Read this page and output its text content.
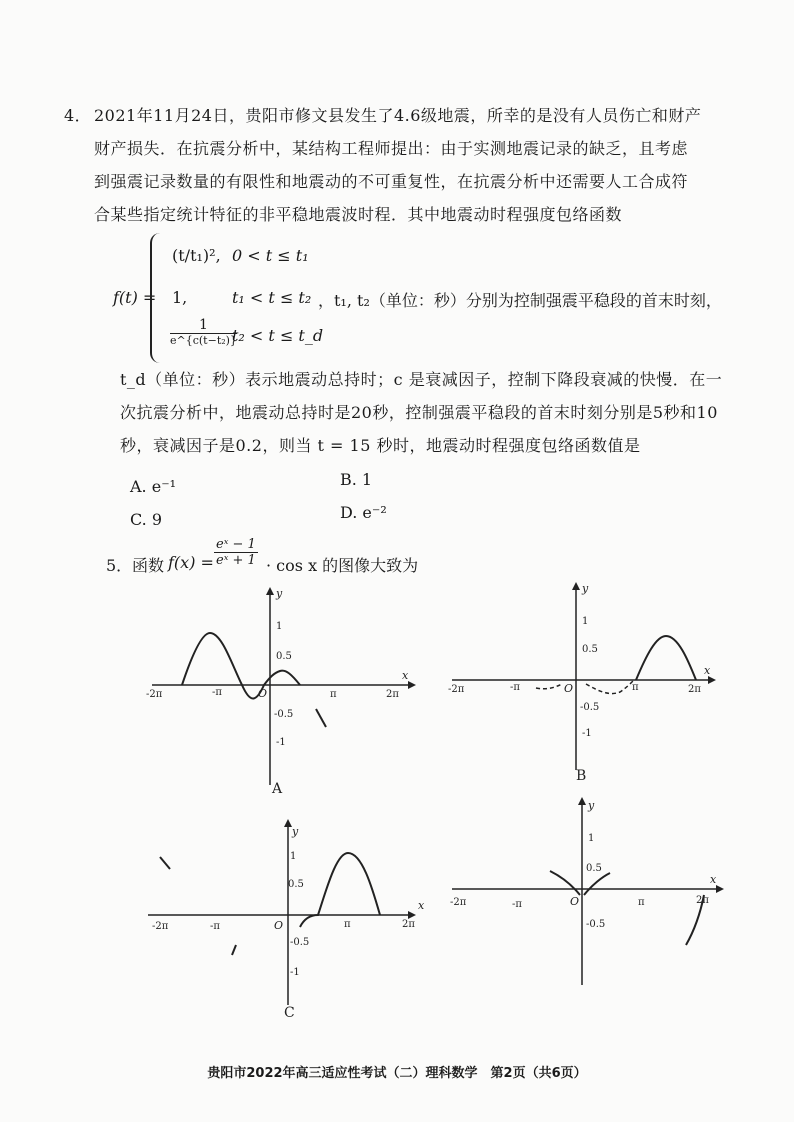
4． 2021年11月24日，贵阳市修文县发生了4.6级地震，所幸的是没有人员伤亡和财产
财产损失．在抗震分析中，某结构工程师提出：由于实测地震记录的缺乏，且考虑
到强震记录数量的有限性和地震动的不可重复性，在抗震分析中还需要人工合成符
合某些指定统计特征的非平稳地震波时程．其中地震动时程强度包络函数
f(t) =
(t/t₁)², 0 < t ≤ t₁
1,	t₁ < t ≤ t₂
$\frac{1}{\text{e\textasciicircum{}\{c(t−t₂)\}}}$
t₂ < t ≤ t_d
，t₁, t₂（单位：秒）分别为控制强震平稳段的首末时刻，
t_d（单位：秒）表示地震动总持时；c 是衰减因子，控制下降段衰减的快慢．在一
次抗震分析中，地震动总持时是20秒，控制强震平稳段的首末时刻分别是5秒和10
秒，衰减因子是0.2，则当 t = 15 秒时，地震动时程强度包络函数值是
A. e⁻¹	B. 1
C. 9	D. e⁻²
5． 函数 $f(x) = \frac{\text{eˣ − 1}}{\text{eˣ + 1}} \cdot \cos x$ 的图像大致为
1
0.5
-0.5
-1
-2π	-π	O	π	2π
x
y
A
1
0.5
-0.5
-1
-2π	-π	O	π	2π
x
y
B
1
0.5
-0.5
-1
-2π	-π	O	π	2π
x
y
C
1
0.5
-0.5
-2π	-π	O	π	2π
x
y
贵阳市2022年高三适应性考试（二）理科数学　第2页（共6页）
